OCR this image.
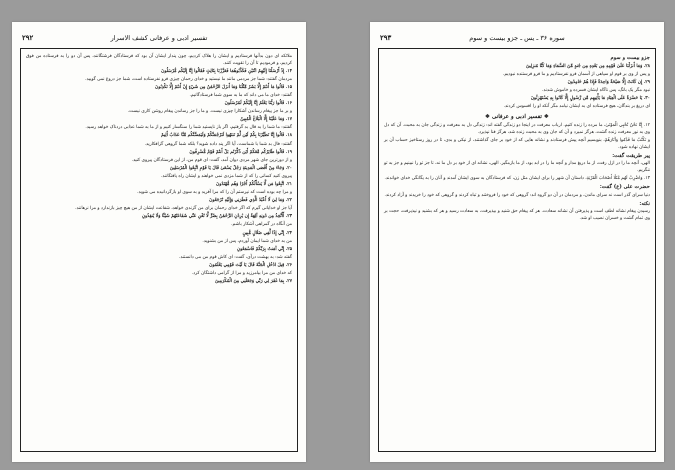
تفسیر ادبی و عرفانی کشف الاسرار
۲۹۲

ملائکه ای دون بدآنها فرستادیم و ایشان را هلاک کردیم، چون پندار ایشان آن بود که فرستادگان فرشتگانند، پس آن دو را به فرستاده من فوق کردیم، و فرمودیم تا آن را تقویت کنند.

۱۴. إِذْ أَرْسَلْنَا إِلَيْهِمُ اثْنَيْنِ فَكَذَّبُوهُمَا فَعَزَّزْنَا بِثَالِثٍ فَقَالُوا إِنَّا إِلَيْكُم مُّرْسَلُونَ

مردمان گفتند: شما جز مردمی مانند ما نیستید و خدای رحمان چیزی فرو نفرستاده است، شما جز دروغ نمی گویید.

۱۵. قَالُوا مَا أَنتُمْ إِلَّا بَشَرٌ مِّثْلُنَا وَمَا أَنزَلَ الرَّحْمَٰنُ مِن شَيْءٍ إِنْ أَنتُمْ إِلَّا تَكْذِبُونَ

گفتند: خدای ما می داند که ما به سوی شما فرستادگانیم.

۱۶. قَالُوا رَبُّنَا يَعْلَمُ إِنَّا إِلَيْكُمْ لَمُرْسَلُونَ

و بر ما جز پیغام رساندن آشکارا چیزی نیست. و ما را جز رساندن پیغام روشن کاری نیست.

۱۷. وَمَا عَلَيْنَا إِلَّا الْبَلَاغُ الْمُبِينُ

گفتند: ما شما را به فال بد گرفتیم، اگر باز نایستید شما را سنگسار کنیم و از ما به شما عذابی دردناک خواهد رسید.

۱۸. قَالُوا إِنَّا تَطَيَّرْنَا بِكُمْ لَئِن لَّمْ تَنتَهُوا لَنَرْجُمَنَّكُمْ وَلَيَمَسَّنَّكُم مِّنَّا عَذَابٌ أَلِيمٌ

گفتند: فال بد شما با شماست، آیا اگر پند داده شوید؟ بلکه شما گروهی گزافکارید.

۱۹. قَالُوا طَائِرُكُم مَّعَكُمْ أَئِن ذُكِّرْتُم بَلْ أَنتُمْ قَوْمٌ مُّسْرِفُونَ

و از دورترین جای شهر مردی دوان آمد، گفت: ای قوم من، از این فرستادگان پیروی کنید.

۲۰. وَجَاءَ مِنْ أَقْصَى الْمَدِينَةِ رَجُلٌ يَسْعَىٰ قَالَ يَا قَوْمِ اتَّبِعُوا الْمُرْسَلِينَ

پیروی کنید کسانی را که از شما مزدی نمی خواهند و ایشان راه یافتگانند.

۲۱. اتَّبِعُوا مَن لَّا يَسْأَلُكُمْ أَجْرًا وَهُم مُّهْتَدُونَ

و مرا چه بوده است که نپرستم آن را که مرا آفرید و به سوی او بازگردانیده می شوید.

۲۲. وَمَا لِيَ لَا أَعْبُدُ الَّذِي فَطَرَنِي وَإِلَيْهِ تُرْجَعُونَ

آیا جز او خدایانی گیرم که اگر خدای رحمان برای من گزندی خواهد، شفاعت ایشان از من هیچ چیز بازندارد و مرا نرهانند.

۲۳. أَأَتَّخِذُ مِن دُونِهِ آلِهَةً إِن يُرِدْنِ الرَّحْمَٰنُ بِضُرٍّ لَّا تُغْنِ عَنِّي شَفَاعَتُهُمْ شَيْئًا وَلَا يُنقِذُونِ

من آنگاه در گمراهی آشکار باشم.

۲۴. إِنِّي إِذًا لَّفِي ضَلَالٍ مُّبِينٍ

من به خدای شما ایمان آوردم، پس از من بشنوید.

۲۵. إِنِّي آمَنتُ بِرَبِّكُمْ فَاسْمَعُونِ

گفته شد: به بهشت درآی، گفت: ای کاش قوم من می دانستند.

۲۶. قِيلَ ادْخُلِ الْجَنَّةَ قَالَ يَا لَيْتَ قَوْمِي يَعْلَمُونَ

که خدای من مرا بیامرزید و مرا از گرامی داشتگان کرد.

۲۷. بِمَا غَفَرَ لِي رَبِّي وَجَعَلَنِي مِنَ الْمُكْرَمِينَ

سوره ۳۶ ـ یس ـ جزو بیست و سوم
۲۹۳

جزو بیست و سوم

۲۸. وَمَا أَنزَلْنَا عَلَىٰ قَوْمِهِ مِن بَعْدِهِ مِن جُندٍ مِّنَ السَّمَاءِ وَمَا كُنَّا مُنزِلِينَ

و پس از وی بر قوم او سپاهی از آسمان فرو نفرستادیم و ما فرو فرستنده نبودیم.

۲۹. إِن كَانَتْ إِلَّا صَيْحَةً وَاحِدَةً فَإِذَا هُمْ خَامِدُونَ

نبود مگر یک بانگ، پس ناگاه ایشان فسرده و خاموش شدند.

۳۰. يَا حَسْرَةً عَلَى الْعِبَادِ مَا يَأْتِيهِم مِّن رَّسُولٍ إِلَّا كَانُوا بِهِ يَسْتَهْزِئُونَ

ای دریغ بر بندگان، هیچ فرستاده ای به ایشان نیامد مگر آنکه او را افسوس کردند.

❖ تفسیر ادبی و عرفانی ❖

۱۲. إِنَّا نَحْنُ نُحْيِي الْمَوْتَىٰ، ما مرده را زنده کنیم. ارباب معرفت در اینجا دو زندگی گفته اند: زندگی دل به معرفت و زندگی جان به محبت. آن که دل وی به نور معرفت زنده گشت، هرگز نمیرد و آن که جان وی به محبت زنده شد، هرگز فنا نپذیرد.

و نَكْتُبُ مَا قَدَّمُوا وَآثَارَهُمْ، بنویسیم آنچه پیش فرستادند و نشانه هایی که از خود بر جای گذاشتند، از نیکی و بدی، تا در روز رستاخیز حساب آن بر ایشان نهاده شود.

پیر طریقت گفت:

الهی، آنچه ما را در ازل رفت، از ما دریغ مدار و آنچه ما را در ابد بود، از ما بازمگیر. الهی، نشانه ای از خود بر دل ما نه، تا جز تو را نبینیم و جز به تو ننگریم.

۱۳. وَاضْرِبْ لَهُم مَّثَلًا أَصْحَابَ الْقَرْيَةِ، داستان آن شهر را برای ایشان مثل زن، که فرستادگان به سوی ایشان آمدند و آنان را به یگانگی خدای خواندند.

حضرت علی (ع) گفت:

دنیا سرای گذر است نه سرای ماندن، و مردمان در آن دو گروه اند: گروهی که خود را فروختند و تباه کردند و گروهی که خود را خریدند و آزاد کردند.

نکته:

رسیدن پیغام نشانه لطف است و پذیرفتن آن نشانه سعادت. هر که پیغام حق شنید و بپذیرفت، به سعادت رسید و هر که بشنید و نپذیرفت، حجت بر وی تمام گشت و خسران نصیب او شد.
